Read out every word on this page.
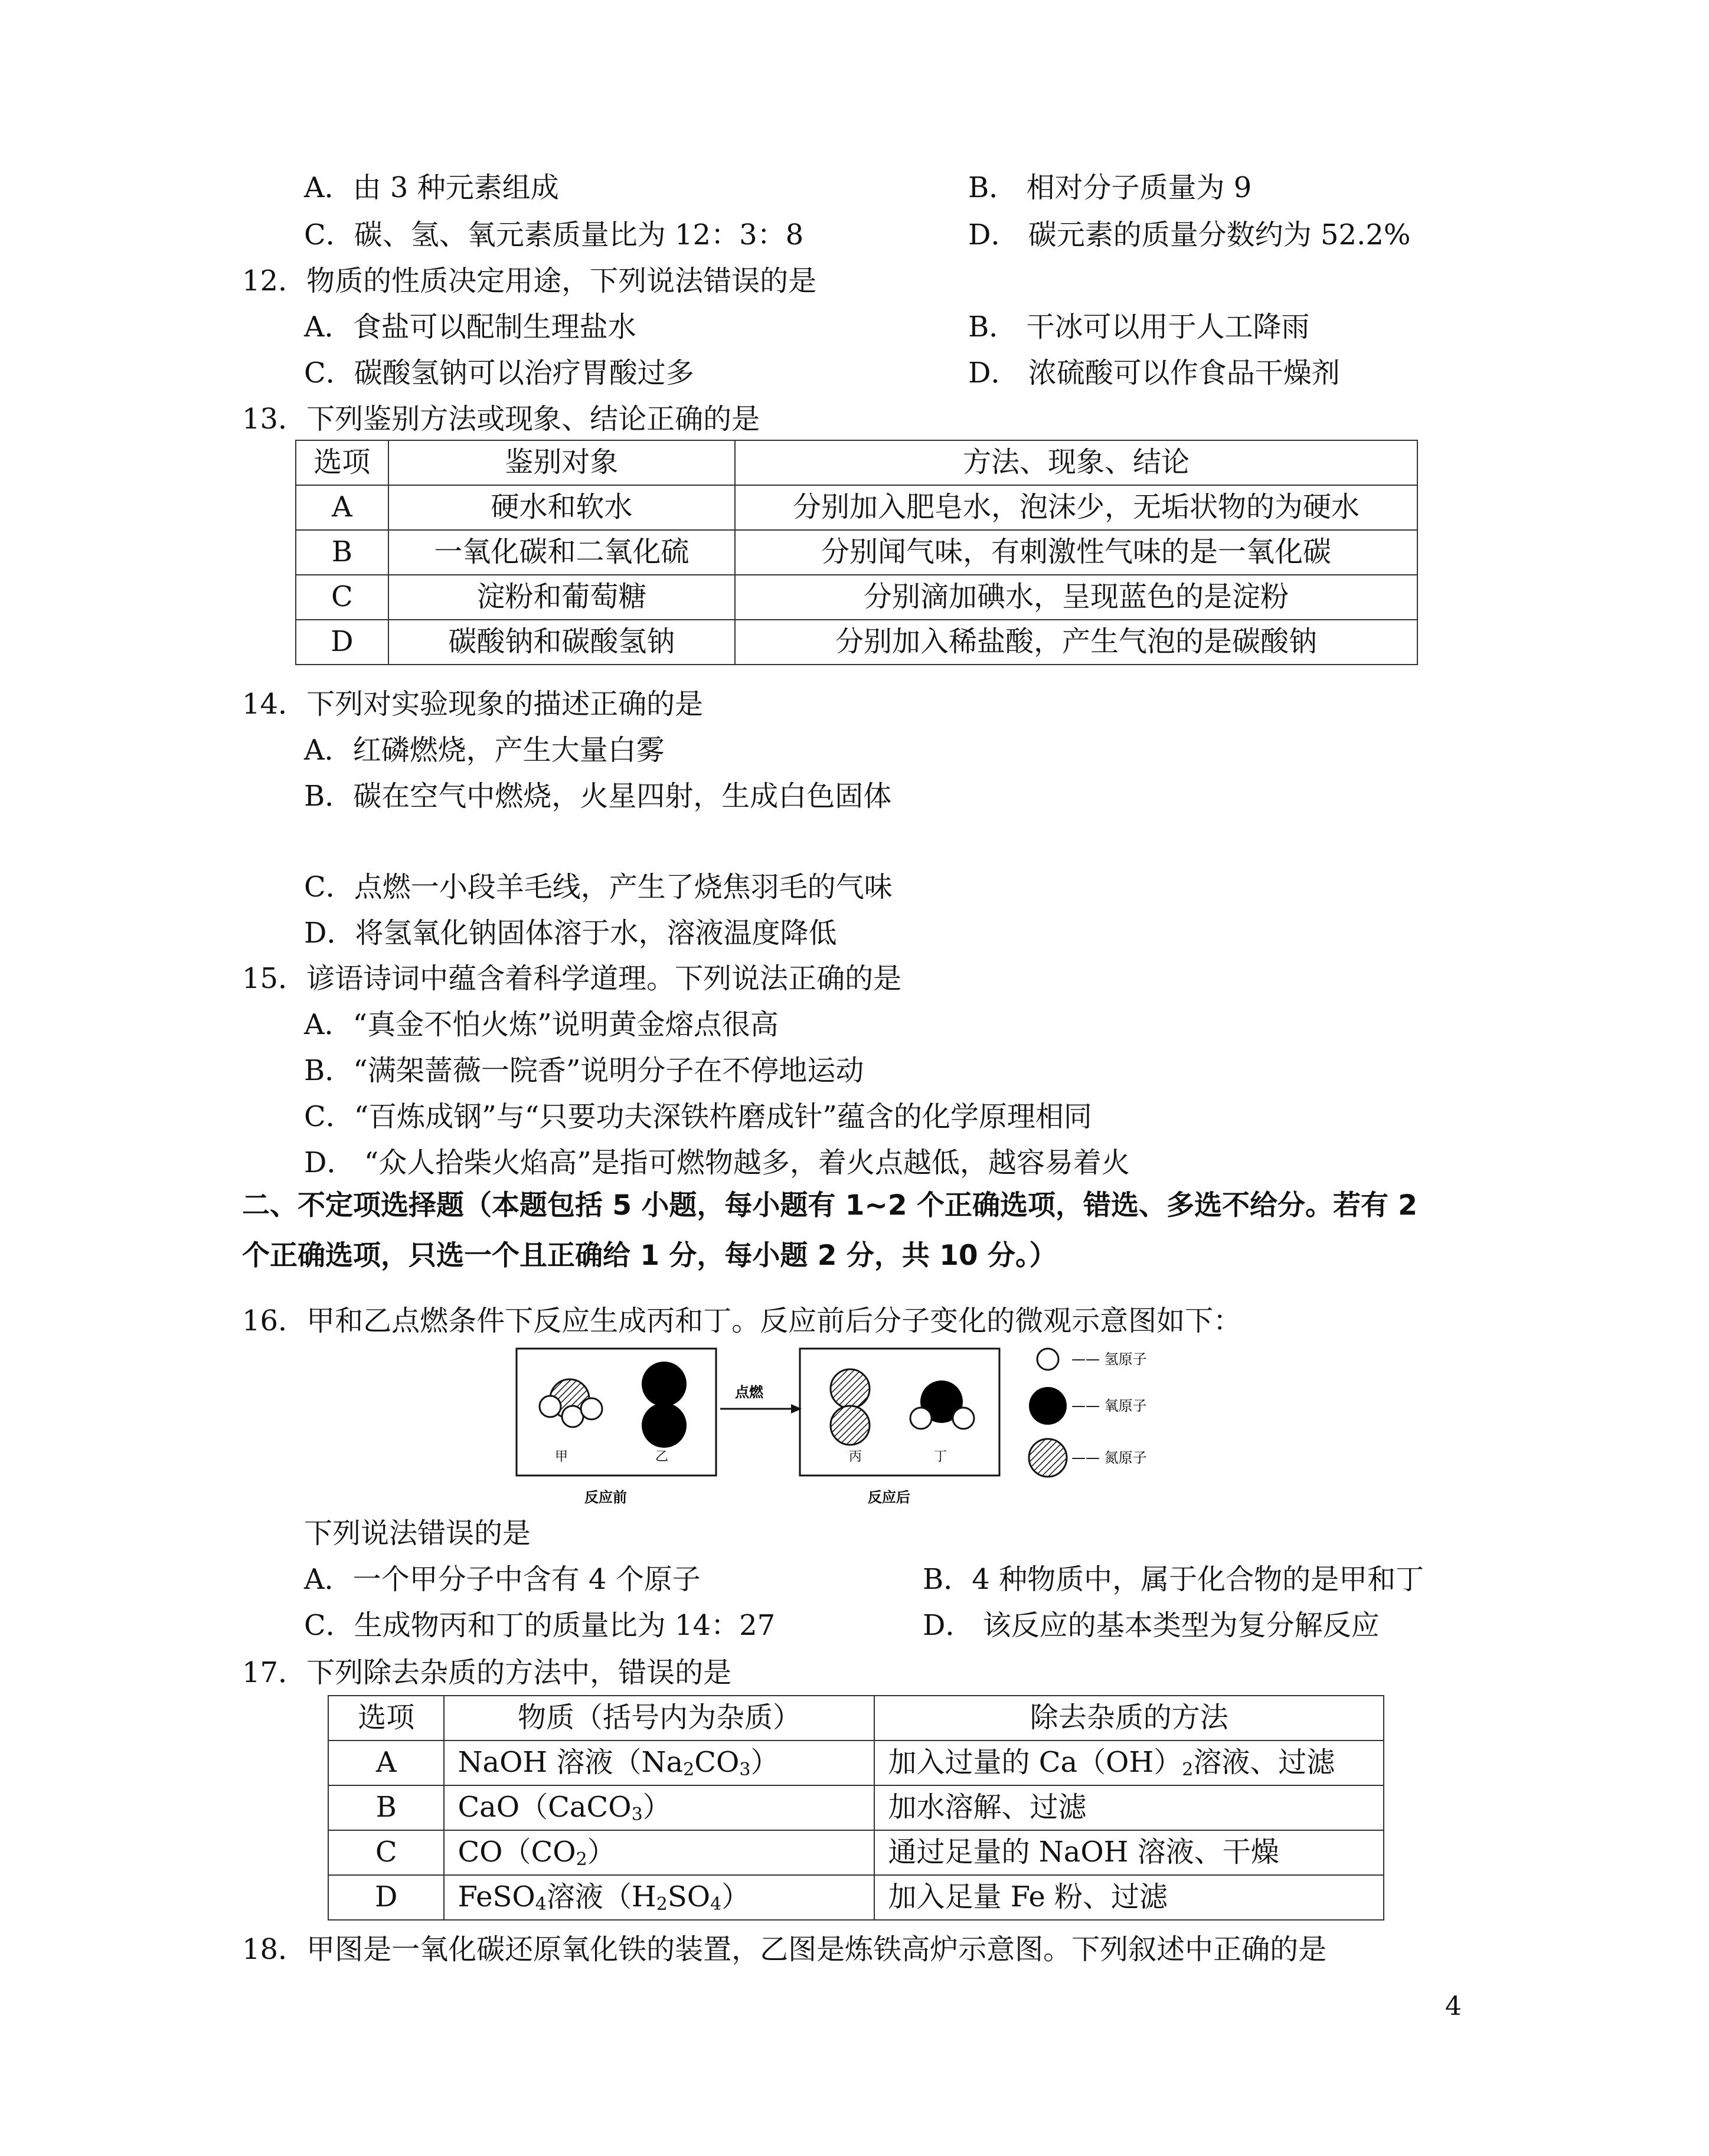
A．由 3 种元素组成	B． 相对分子质量为 9
C．碳、氢、氧元素质量比为 12：3：8	D． 碳元素的质量分数约为 52.2%
12．物质的性质决定用途，下列说法错误的是
A．食盐可以配制生理盐水	B． 干冰可以用于人工降雨
C．碳酸氢钠可以治疗胃酸过多	D． 浓硫酸可以作食品干燥剂
13．下列鉴别方法或现象、结论正确的是
选项	鉴别对象	方法、现象、结论
A	硬水和软水	分别加入肥皂水，泡沫少，无垢状物的为硬水
B	一氧化碳和二氧化硫	分别闻气味，有刺激性气味的是一氧化碳
C	淀粉和葡萄糖	分别滴加碘水，呈现蓝色的是淀粉
D	碳酸钠和碳酸氢钠	分别加入稀盐酸，产生气泡的是碳酸钠
14．下列对实验现象的描述正确的是
A．红磷燃烧，产生大量白雾
B．碳在空气中燃烧，火星四射，生成白色固体
C．点燃一小段羊毛线，产生了烧焦羽毛的气味
D．将氢氧化钠固体溶于水，溶液温度降低
15．谚语诗词中蕴含着科学道理。下列说法正确的是
A．“真金不怕火炼”说明黄金熔点很高
B．“满架蔷薇一院香”说明分子在不停地运动
C．“百炼成钢”与“只要功夫深铁杵磨成针”蕴含的化学原理相同
D． “众人拾柴火焰高”是指可燃物越多，着火点越低，越容易着火
二、不定项选择题（本题包括 5 小题，每小题有 1~2 个正确选项，错选、多选不给分。若有 2
个正确选项，只选一个且正确给 1 分，每小题 2 分，共 10 分。）
16．甲和乙点燃条件下反应生成丙和丁。反应前后分子变化的微观示意图如下：
甲	乙
点燃
丙	丁
反应前	反应后
—— 氢原子
—— 氧原子
—— 氮原子
下列说法错误的是
A．一个甲分子中含有 4 个原子	B．4 种物质中，属于化合物的是甲和丁
C．生成物丙和丁的质量比为 14：27	D． 该反应的基本类型为复分解反应
17．下列除去杂质的方法中，错误的是
选项	物质（括号内为杂质）	除去杂质的方法
A	NaOH 溶液$(Na_2CO_3)$	加入过量的 $Ca(OH)_2$溶液、过滤
B	CaO（CaCO$_3$）	加水溶解、过滤
C	$CO(CO_2)$	通过足量的 NaOH 溶液、干燥
D	FeSO$_4$溶液$(H_2SO_4)$	加入足量 Fe 粉、过滤
18．甲图是一氧化碳还原氧化铁的装置，乙图是炼铁高炉示意图。下列叙述中正确的是
4
